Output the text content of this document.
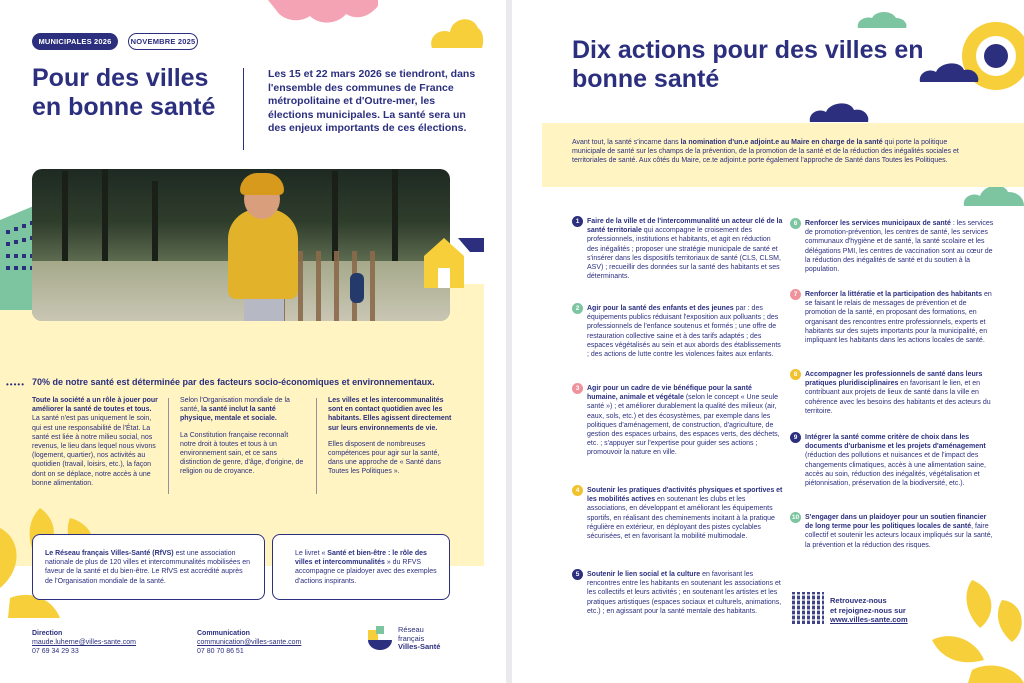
MUNICIPALES 2026	NOVEMBRE 2025
Pour des villes en bonne santé
Les 15 et 22 mars 2026 se tiendront, dans l'ensemble des communes de France métropolitaine et d'Outre-mer, les élections municipales. La santé sera un des enjeux importants de ces élections.
••••• 70% de notre santé est déterminée par des facteurs socio-économiques et environnementaux.

Toute la société a un rôle à jouer pour améliorer la santé de toutes et tous. La santé n'est pas uniquement le soin, qui est une responsabilité de l'État. La santé est liée à notre milieu social, nos revenus, le lieu dans lequel nous vivons (logement, quartier), nos activités au quotidien (travail, loisirs, etc.), la façon dont on se déplace, notre accès à une bonne alimentation.

Selon l'Organisation mondiale de la santé, la santé inclut la santé physique, mentale et sociale.

La Constitution française reconnaît notre droit à toutes et tous à un environnement sain, et ce sans distinction de genre, d'âge, d'origine, de religion ou de croyance.

Les villes et les intercommunalités sont en contact quotidien avec les habitants. Elles agissent directement sur leurs environnements de vie.

Elles disposent de nombreuses compétences pour agir sur la santé, dans une approche de « Santé dans Toutes les Politiques ».

Le Réseau français Villes-Santé (RfVS) est une association nationale de plus de 120 villes et intercommunalités mobilisées en faveur de la santé et du bien-être. Le RfVS est accrédité auprès de l'Organisation mondiale de la santé.
Le livret « Santé et bien-être : le rôle des villes et intercommunalités » du RFVS accompagne ce plaidoyer avec des exemples d'actions inspirants.
Direction
maude.luherne@villes-sante.com
07 69 34 29 33
Communication
communication@villes-sante.com
07 80 70 86 51
Réseau
français
Villes-Santé
Dix actions pour des villes en bonne santé
Avant tout, la santé s'incarne dans la nomination d'un.e adjoint.e au Maire en charge de la santé qui porte la politique municipale de santé sur les champs de la prévention, de la promotion de la santé et de la réduction des inégalités sociales et territoriales de santé. Aux côtés du Maire, ce.te adjoint.e porte également l'approche de Santé dans Toutes les Politiques.
1	Faire de la ville et de l'intercommunalité un acteur clé de la santé territoriale qui accompagne le croisement des professionnels, institutions et habitants, et agit en réduction des inégalités ; proposer une stratégie municipale de santé et s'insérer dans les dispositifs territoriaux de santé (CLS, CLSM, ASV) ; recueillir des données sur la santé des habitants et ses déterminants.
2	Agir pour la santé des enfants et des jeunes par : des équipements publics réduisant l'exposition aux polluants ; des professionnels de l'enfance soutenus et formés ; une offre de restauration collective saine et à des tarifs adaptés ; des espaces végétalisés au sein et aux abords des établissements ; des actions de lutte contre les violences faites aux enfants.
3	Agir pour un cadre de vie bénéfique pour la santé humaine, animale et végétale (selon le concept « Une seule santé ») ; et améliorer durablement la qualité des milieux (air, eaux, sols, etc.) et des écosystèmes, par exemple dans les politiques d'aménagement, de construction, d'agriculture, de gestion des espaces urbains, des espaces verts, des déchets, etc. ; s'appuyer sur l'expertise pour guider ses actions ; promouvoir la nature en ville.
4	Soutenir les pratiques d'activités physiques et sportives et les mobilités actives en soutenant les clubs et les associations, en développant et améliorant les équipements sportifs, en réalisant des cheminements incitant à la pratique régulière en extérieur, en déployant des pistes cyclables sécurisées, et en favorisant la mobilité multimodale.
5	Soutenir le lien social et la culture en favorisant les rencontres entre les habitants en soutenant les associations et les collectifs et leurs activités ; en soutenant les artistes et les pratiques artistiques (espaces sociaux et culturels, animations, etc.) ; en agissant pour la santé mentale des habitants.
6	Renforcer les services municipaux de santé : les services de promotion-prévention, les centres de santé, les services communaux d'hygiène et de santé, la santé scolaire et les délégations PMI, les centres de vaccination sont au cœur de la réduction des inégalités de santé et du soutien à la population.
7	Renforcer la littératie et la participation des habitants en se faisant le relais de messages de prévention et de promotion de la santé, en proposant des formations, en organisant des rencontres entre professionnels, experts et habitants sur des sujets importants pour la municipalité, en impliquant les habitants dans les actions locales de santé.
8	Accompagner les professionnels de santé dans leurs pratiques pluridisciplinaires en favorisant le lien, et en contribuant aux projets de lieux de santé dans la ville en cohérence avec les besoins des habitants et des acteurs du territoire.
9	Intégrer la santé comme critère de choix dans les documents d'urbanisme et les projets d'aménagement (réduction des pollutions et nuisances et de l'impact des changements climatiques, accès à une alimentation saine, accès au soin, réduction des inégalités, végétalisation et piétonnisation, préservation de la biodiversité, etc.).
10 S'engager dans un plaidoyer pour un soutien financier de long terme pour les politiques locales de santé, faire collectif et soutenir les acteurs locaux impliqués sur la santé, la prévention et la réduction des risques.
Retrouvez-nous
et rejoignez-nous sur
www.villes-sante.com
